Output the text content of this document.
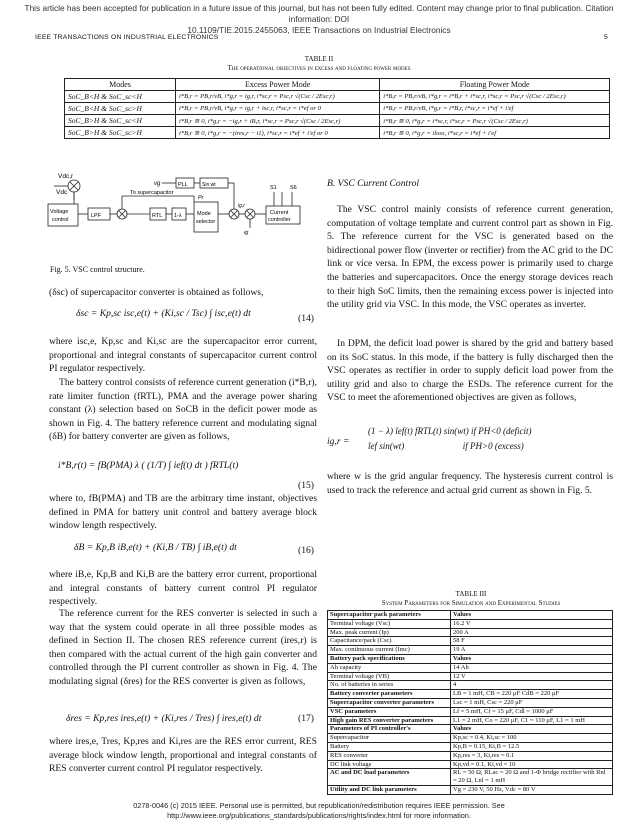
This article has been accepted for publication in a future issue of this journal, but has not been fully edited. Content may change prior to final publication. Citation information: DOI
10.1109/TIE.2015.2455063, IEEE Transactions on Industrial Electronics
IEEE TRANSACTIONS ON INDUSTRIAL ELECTRONICS	5
TABLE II
The operational objectives in excess and floating power modes
Modes	Excess Power Mode	Floating Power Mode
SoC_B<H & SoC_sc<H	i*B,r = PB,r/vB, i*g,r = ig,r, i*sc,r = Psc,r √(Csc / 2Esc,r)	i*B,r = PB,r/vB, i*g,r = i*B,r + i*sc,r, i*sc,r = Psc,r √(Csc / 2Esc,r)
SoC_B<H & SoC_sc>H	i*B,r = PB,r/vB, i*g,r = ig,r + isc,r, i*sc,r = i*ef or 0	i*B,r = PB,r/vB, i*g,r = i*B,r, i*sc,r = i*ef + i′ef
SoC_B>H & SoC_sc<H	i*B,r ≅ 0, i*g,r = −ig,r + iB,r, i*sc,r = Psc,r √(Csc / 2Esc,r)	i*B,r ≅ 0, i*g,r = i*sc,r, i*sc,r = Psc,r √(Csc / 2Esc,r)
SoC_B>H & SoC_sc>H	i*B,r ≅ 0, i*g,r = −(ires,r − i1), i*sc,r = i*ef + i′ef or 0	i*B,r ≅ 0, i*g,r = iloss, i*sc,r = i*ef + i′ef
Vdc,r
Vdc
Voltage
control
LPF
vg	PLL	Sin wt
To supercapacitor
Pr
RTL 1-λ	Mode
selector
Current
controller
ig
ig,r
S1 S6
Fig. 5. VSC control structure.
(δsc) of supercapacitor converter is obtained as follows,
δsc = Kp,sc isc,e(t) + (Ki,sc / Tsc) ∫ isc,e(t) dt	(14)
where isc,e, Kp,sc and Ki,sc are the supercapacitor error current, proportional and integral constants of supercapacitor current control PI regulator respectively.
The battery control consists of reference current generation (i*B,r), rate limiter function (fRTL), PMA and the average power sharing constant (λ) selection based on SoCB in the deficit power mode as shown in Fig. 4. The battery reference current and modulating signal (δB) for battery converter are given as follows,
i*B,r(t) = fB(PMA) λ ( (1/T) ∫ ief(t) dt ) fRTL(t)
(15)
where to, fB(PMA) and TB are the arbitrary time instant, objectives defined in PMA for battery unit control and battery average block window length respectively.
δB = Kp,B iB,e(t) + (Ki,B / TB) ∫ iB,e(t) dt	(16)
where iB,e, Kp,B and Ki,B are the battery error current, proportional and integral constants of battery current control PI regulator respectively.
The reference current for the RES converter is selected in such a way that the system could operate in all three possible modes as defined in Section II. The chosen RES reference current (ires,r) is then compared with the actual current of the high gain converter and controlled through the PI current controller as shown in Fig. 4. The modulating signal (δres) for the RES converter is given as follows,
δres = Kp,res ires,e(t) + (Ki,res / Tres) ∫ ires,e(t) dt	(17)
where ires,e, Tres, Kp,res and Ki,res are the RES error current, RES average block window length, proportional and integral constants of RES converter current control PI regulator respectively.
B. VSC Current Control
The VSC control mainly consists of reference current generation, computation of voltage template and current control part as shown in Fig. 5. The reference current for the VSC is generated based on the bidirectional power flow (inverter or rectifier) from the AC grid to the DC link or vice versa. In EPM, the excess power is primarily used to charge the batteries and supercapacitors. Once the energy storage devices reach to their high SoC limits, then the remaining excess power is injected into the utility grid via VSC. In this mode, the VSC operates as inverter.
In DPM, the deficit load power is shared by the grid and battery based on its SoC status. In this mode, if the battery is fully discharged then the VSC operates as rectifier in order to supply deficit load power from the utility grid and also to charge the ESDs. The reference current for the VSC to meet the aforementioned objectives are given as follows,
ig,r =
(1 − λ) ĩef(t) fRTL(t) sin(wt) if PH<0 (deficit)
ĩef sin(wt)                          if PH>0 (excess)
where w is the grid angular frequency. The hysteresis current control is used to track the reference and actual grid current as shown in Fig. 5.
TABLE III
System Parameters for Simulation and Experimental Studies
Supercapacitor pack parameters	Values
Terminal voltage (Vsc)	16.2 V
Max. peak current (Ip)	200 A
Capacitance/pack (Csc)	58 F
Max. continuous current (Imc)	19 A
Battery pack specifications	Values
Ah capacity	14 Ah
Terminal voltage (VB)	12 V
No. of batteries in series	4
Battery converter parameters	LB = 1 mH, CB = 220 μF CdB = 220 μF
Supercapacitor converter parameters	Lsc = 1 mH, Csc = 220 μF
VSC parameters	Lf = 5 mH, Cf = 15 μF, Cdl = 1000 μF
High gain RES converter parameters	L1 = 2 mH, Co = 220 μF, C1 = 110 μF, L1 = 1 mH
Parameters of PI controller's	Values
Supercapacitor	Kp,sc = 0.4, Ki,sc = 100
Battery	Kp,B = 0.15, Ki,B = 12.5
RES converter	Kp,res = 3, Ki,res = 0.1
DC link voltage	Kp,vd = 0.1, Ki,vd = 10
AC and DC load parameters	RL = 50 Ω, RLac = 20 Ω and 1-Φ bridge rectifier with Rnl = 20 Ω, Lnl = 1 mH
Utility and DC link parameters	Vg = 230 V, 50 Hz, Vdc = 80 V
0278-0046 (c) 2015 IEEE. Personal use is permitted, but republication/redistribution requires IEEE permission. See
http://www.ieee.org/publications_standards/publications/rights/index.html for more information.
